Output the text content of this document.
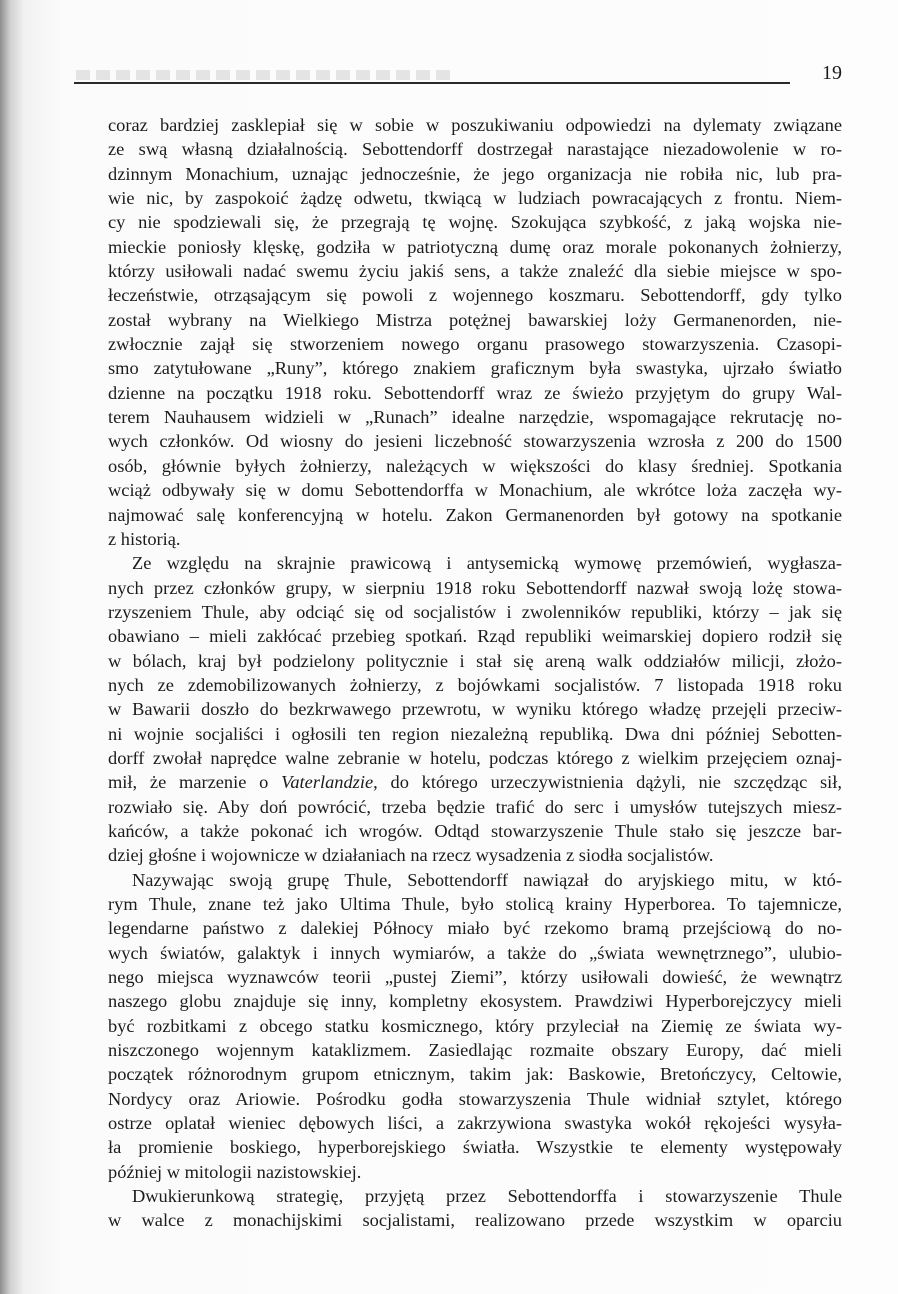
19
coraz bardziej zasklepiał się w sobie w poszukiwaniu odpowiedzi na dylematy związane
ze swą własną działalnością. Sebottendorff dostrzegał narastające niezadowolenie w ro-
dzinnym Monachium, uznając jednocześnie, że jego organizacja nie robiła nic, lub pra-
wie nic, by zaspokoić żądzę odwetu, tkwiącą w ludziach powracających z frontu. Niem-
cy nie spodziewali się, że przegrają tę wojnę. Szokująca szybkość, z jaką wojska nie-
mieckie poniosły klęskę, godziła w patriotyczną dumę oraz morale pokonanych żołnierzy,
którzy usiłowali nadać swemu życiu jakiś sens, a także znaleźć dla siebie miejsce w spo-
łeczeństwie, otrząsającym się powoli z wojennego koszmaru. Sebottendorff, gdy tylko
został wybrany na Wielkiego Mistrza potężnej bawarskiej loży Germanenorden, nie-
zwłocznie zajął się stworzeniem nowego organu prasowego stowarzyszenia. Czasopi-
smo zatytułowane „Runy”, którego znakiem graficznym była swastyka, ujrzało światło
dzienne na początku 1918 roku. Sebottendorff wraz ze świeżo przyjętym do grupy Wal-
terem Nauhausem widzieli w „Runach” idealne narzędzie, wspomagające rekrutację no-
wych członków. Od wiosny do jesieni liczebność stowarzyszenia wzrosła z 200 do 1500
osób, głównie byłych żołnierzy, należących w większości do klasy średniej. Spotkania
wciąż odbywały się w domu Sebottendorffa w Monachium, ale wkrótce loża zaczęła wy-
najmować salę konferencyjną w hotelu. Zakon Germanenorden był gotowy na spotkanie
z historią.
Ze względu na skrajnie prawicową i antysemicką wymowę przemówień, wygłasza-
nych przez członków grupy, w sierpniu 1918 roku Sebottendorff nazwał swoją lożę stowa-
rzyszeniem Thule, aby odciąć się od socjalistów i zwolenników republiki, którzy – jak się
obawiano – mieli zakłócać przebieg spotkań. Rząd republiki weimarskiej dopiero rodził się
w bólach, kraj był podzielony politycznie i stał się areną walk oddziałów milicji, złożo-
nych ze zdemobilizowanych żołnierzy, z bojówkami socjalistów. 7 listopada 1918 roku
w Bawarii doszło do bezkrwawego przewrotu, w wyniku którego władzę przejęli przeciw-
ni wojnie socjaliści i ogłosili ten region niezależną republiką. Dwa dni później Sebotten-
dorff zwołał naprędce walne zebranie w hotelu, podczas którego z wielkim przejęciem oznaj-
mił, że marzenie o Vaterlandzie, do którego urzeczywistnienia dążyli, nie szczędząc sił,
rozwiało się. Aby doń powrócić, trzeba będzie trafić do serc i umysłów tutejszych miesz-
kańców, a także pokonać ich wrogów. Odtąd stowarzyszenie Thule stało się jeszcze bar-
dziej głośne i wojownicze w działaniach na rzecz wysadzenia z siodła socjalistów.
Nazywając swoją grupę Thule, Sebottendorff nawiązał do aryjskiego mitu, w któ-
rym Thule, znane też jako Ultima Thule, było stolicą krainy Hyperborea. To tajemnicze,
legendarne państwo z dalekiej Północy miało być rzekomo bramą przejściową do no-
wych światów, galaktyk i innych wymiarów, a także do „świata wewnętrznego”, ulubio-
nego miejsca wyznawców teorii „pustej Ziemi”, którzy usiłowali dowieść, że wewnątrz
naszego globu znajduje się inny, kompletny ekosystem. Prawdziwi Hyperborejczycy mieli
być rozbitkami z obcego statku kosmicznego, który przyleciał na Ziemię ze świata wy-
niszczonego wojennym kataklizmem. Zasiedlając rozmaite obszary Europy, dać mieli
początek różnorodnym grupom etnicznym, takim jak: Baskowie, Bretończycy, Celtowie,
Nordycy oraz Ariowie. Pośrodku godła stowarzyszenia Thule widniał sztylet, którego
ostrze oplatał wieniec dębowych liści, a zakrzywiona swastyka wokół rękojeści wysyła-
ła promienie boskiego, hyperborejskiego światła. Wszystkie te elementy występowały
później w mitologii nazistowskiej.
Dwukierunkową strategię, przyjętą przez Sebottendorffa i stowarzyszenie Thule
w walce z monachijskimi socjalistami, realizowano przede wszystkim w oparciu
